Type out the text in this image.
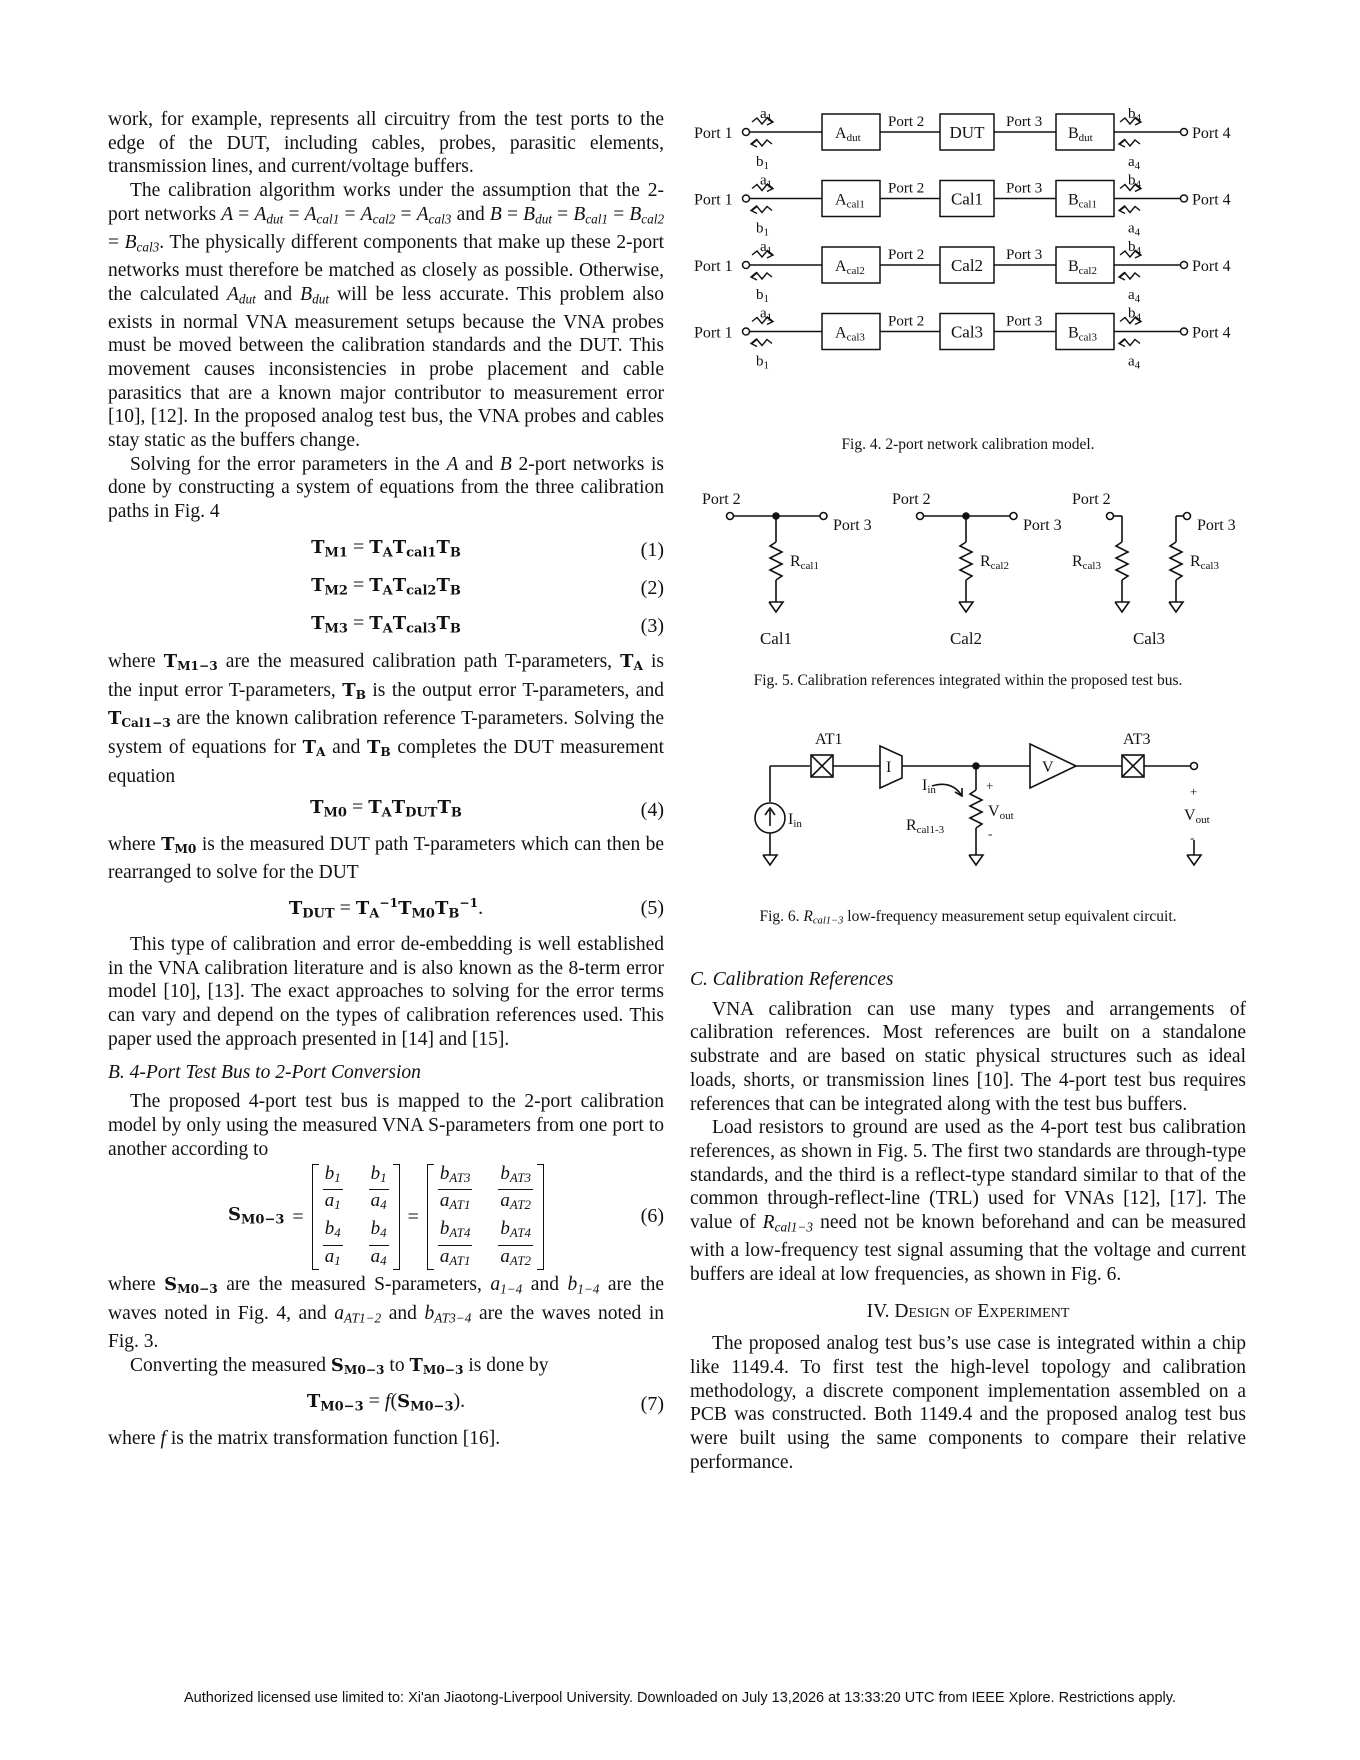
work, for example, represents all circuitry from the test ports to the edge of the DUT, including cables, probes, parasitic elements, transmission lines, and current/voltage buffers.

The calibration algorithm works under the assumption that the 2-port networks $A = A_{dut} = A_{cal1} = A_{cal2} = A_{cal3}$ and $B = B_{dut} = B_{cal1} = B_{cal2} = B_{cal3}$. The physically different components that make up these 2-port networks must therefore be matched as closely as possible. Otherwise, the calculated $A_{dut}$ and $B_{dut}$ will be less accurate. This problem also exists in normal VNA measurement setups because the VNA probes must be moved between the calibration standards and the DUT. This movement causes inconsistencies in probe placement and cable parasitics that are a known major contributor to measurement error [10], [12]. In the proposed analog test bus, the VNA probes and cables stay static as the buffers change.

Solving for the error parameters in the A and B 2-port networks is done by constructing a system of equations from the three calibration paths in Fig. 4

$T_{M1} = T_AT_{cal1}T_B$	(1)
$T_{M2} = T_AT_{cal2}T_B$	(2)
$T_{M3} = T_AT_{cal3}T_B$	(3)

where $T_{M1-3}$ are the measured calibration path T-parameters, $T_A$ is the input error T-parameters, $T_B$ is the output error T-parameters, and $T_{Cal1-3}$ are the known calibration reference T-parameters. Solving the system of equations for $T_A$ and $T_B$ completes the DUT measurement equation

$T_{M0} = T_AT_{DUT}T_B$	(4)

where $T_{M0}$ is the measured DUT path T-parameters which can then be rearranged to solve for the DUT

$T_{DUT} = T_A^{-1}T_{M0}T_B^{-1}$.	(5)

This type of calibration and error de-embedding is well established in the VNA calibration literature and is also known as the 8-term error model [10], [13]. The exact approaches to solving for the error terms can vary and depend on the types of calibration references used. This paper used the approach presented in [14] and [15].

B. 4-Port Test Bus to 2-Port Conversion

The proposed 4-port test bus is mapped to the 2-port calibration model by only using the measured VNA S-parameters from one port to another according to

$S_{M0-3}$ =
$\frac{b_1}{a_1} \frac{b_1}{a_4}$
$\frac{b_4}{a_1} \frac{b_4}{a_4}$
=
$\frac{b_{AT3}}{a_{AT1}} \frac{b_{AT3}}{a_{AT2}}$
$\frac{b_{AT4}}{a_{AT1}} \frac{b_{AT4}}{a_{AT2}}$
(6)

where $S_{M0-3}$ are the measured S-parameters, $a_{1-4}$ and $b_{1-4}$ are the waves noted in Fig. 4, and $a_{AT1-2}$ and $b_{AT3-4}$ are the waves noted in Fig. 3.

Converting the measured $S_{M0-3}$ to $T_{M0-3}$ is done by

$T_{M0-3} = f(S_{M0-3})$.	(7)

where f is the matrix transformation function [16].

Port 1
$a_1$
$b_1$
Adut
Port 2
DUT
Port 3
Bdut
$b_4$
$a_4$
Port 4
Port 1
$a_1$
$b_1$
Acal1
Port 2
Cal1
Port 3
Bcal1
$b_4$
$a_4$
Port 4
Port 1
$a_1$
$b_1$
Acal2
Port 2
Cal2
Port 3
Bcal2
$b_4$
$a_4$
Port 4
Port 1
$a_1$
$b_1$
Acal3
Port 2
Cal3
Port 3
Bcal3
$b_4$
$a_4$
Port 4
Fig. 4. 2-port network calibration model.
Port 2
Port 3
Rcal1
Port 2
Port 3
Rcal2
Port 2
Port 3
Rcal3	Rcal3
Cal1	Cal2	Cal3
Fig. 5. Calibration references integrated within the proposed test bus.
AT1	AT3
I	V
Iin
Iin	+
Vout
-
Rcal1-3
+
Vout
-
Fig. 6. $R_{cal1-3}$ low-frequency measurement setup equivalent circuit.

C. Calibration References

VNA calibration can use many types and arrangements of calibration references. Most references are built on a standalone substrate and are based on static physical structures such as ideal loads, shorts, or transmission lines [10]. The 4-port test bus requires references that can be integrated along with the test bus buffers.

Load resistors to ground are used as the 4-port test bus calibration references, as shown in Fig. 5. The first two standards are through-type standards, and the third is a reflect-type standard similar to that of the common through-reflect-line (TRL) used for VNAs [12], [17]. The value of $R_{cal1-3}$ need not be known beforehand and can be measured with a low-frequency test signal assuming that the voltage and current buffers are ideal at low frequencies, as shown in Fig. 6.

IV. Design of Experiment

The proposed analog test bus’s use case is integrated within a chip like 1149.4. To first test the high-level topology and calibration methodology, a discrete component implementation assembled on a PCB was constructed. Both 1149.4 and the proposed analog test bus were built using the same components to compare their relative performance.

Authorized licensed use limited to: Xi'an Jiaotong-Liverpool University. Downloaded on July 13,2026 at 13:33:20 UTC from IEEE Xplore. Restrictions apply.
